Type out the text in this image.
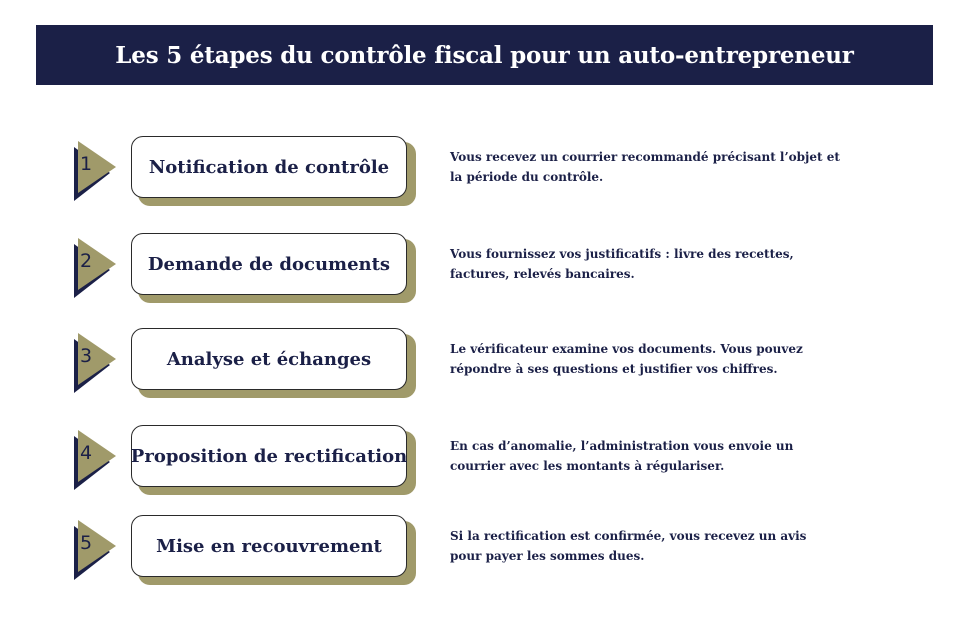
Les 5 étapes du contrôle fiscal pour un auto-entrepreneur
1	Notification de contrôle	Vous recevez un courrier recommandé précisant l’objet et la période du contrôle.
2	Demande de documents	Vous fournissez vos justificatifs : livre des recettes, factures, relevés bancaires.
3	Analyse et échanges	Le vérificateur examine vos documents. Vous pouvez répondre à ses questions et justifier vos chiffres.
4 Proposition de rectification	En cas d’anomalie, l’administration vous envoie un courrier avec les montants à régulariser.
5	Mise en recouvrement	Si la rectification est confirmée, vous recevez un avis pour payer les sommes dues.
